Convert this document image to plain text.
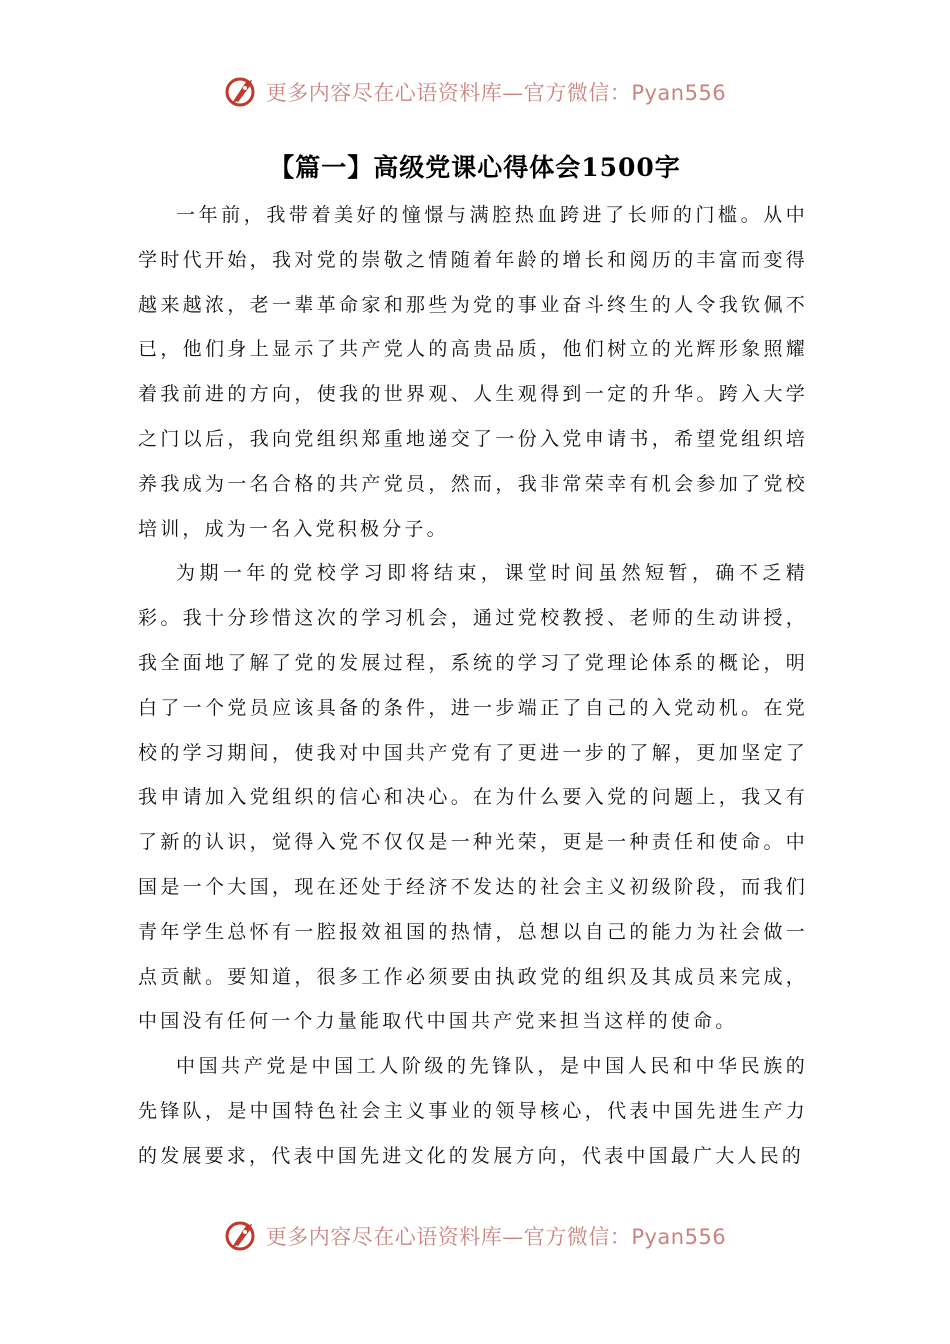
更多内容尽在心语资料库—官方微信：Pyan556
【篇一】高级党课心得体会1500字

一年前，我带着美好的憧憬与满腔热血跨进了长师的门槛。从中学时代开始，我对党的崇敬之情随着年龄的增长和阅历的丰富而变得越来越浓，老一辈革命家和那些为党的事业奋斗终生的人令我钦佩不已，他们身上显示了共产党人的高贵品质，他们树立的光辉形象照耀着我前进的方向，使我的世界观、人生观得到一定的升华。跨入大学之门以后，我向党组织郑重地递交了一份入党申请书，希望党组织培养我成为一名合格的共产党员，然而，我非常荣幸有机会参加了党校培训，成为一名入党积极分子。

为期一年的党校学习即将结束，课堂时间虽然短暂，确不乏精彩。我十分珍惜这次的学习机会，通过党校教授、老师的生动讲授，我全面地了解了党的发展过程，系统的学习了党理论体系的概论，明白了一个党员应该具备的条件，进一步端正了自己的入党动机。在党校的学习期间，使我对中国共产党有了更进一步的了解，更加坚定了我申请加入党组织的信心和决心。在为什么要入党的问题上，我又有了新的认识，觉得入党不仅仅是一种光荣，更是一种责任和使命。中国是一个大国，现在还处于经济不发达的社会主义初级阶段，而我们青年学生总怀有一腔报效祖国的热情，总想以自己的能力为社会做一点贡献。要知道，很多工作必须要由执政党的组织及其成员来完成，中国没有任何一个力量能取代中国共产党来担当这样的使命。

中国共产党是中国工人阶级的先锋队，是中国人民和中华民族的先锋队，是中国特色社会主义事业的领导核心，代表中国先进生产力的发展要求，代表中国先进文化的发展方向，代表中国最广大人民的

更多内容尽在心语资料库—官方微信：Pyan556
